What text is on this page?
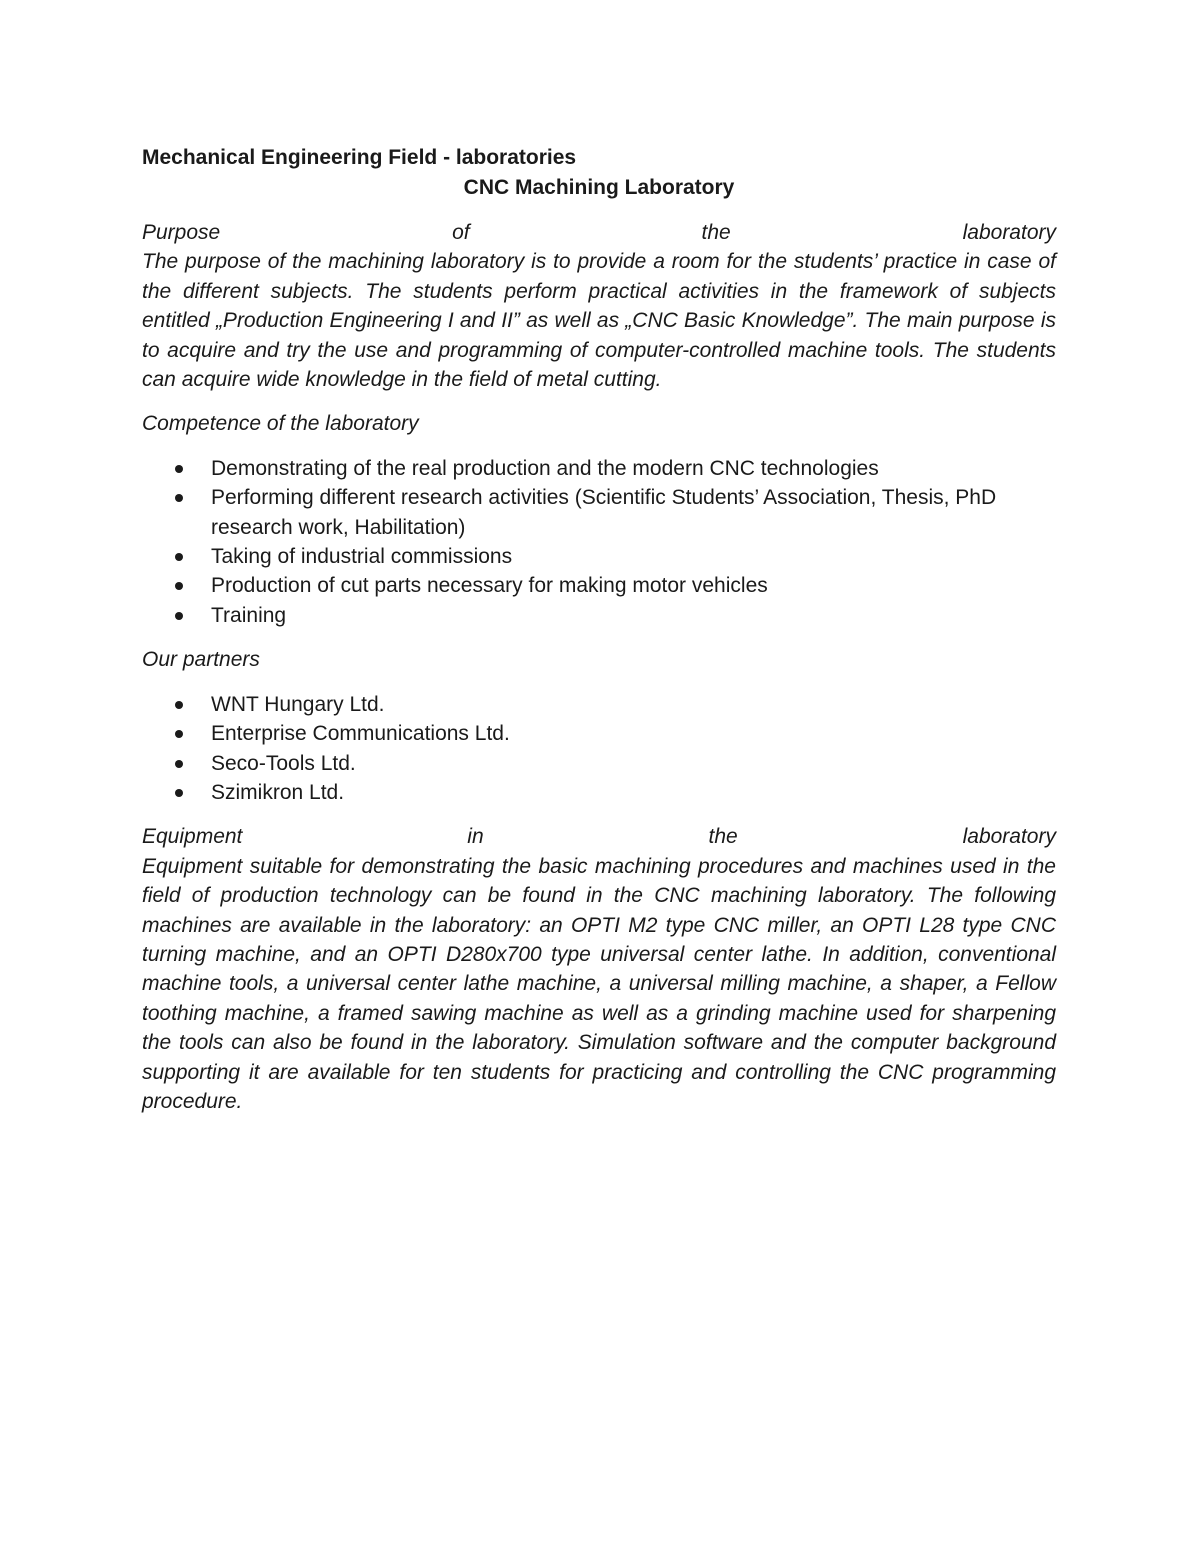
Mechanical Engineering Field - laboratories

CNC Machining Laboratory

Purpose	of	the	laboratory

The purpose of the machining laboratory is to provide a room for the students’ practice in case of the different subjects. The students perform practical activities in the framework of subjects entitled „Production Engineering I and II” as well as „CNC Basic Knowledge”. The main purpose is to acquire and try the use and programming of computer-controlled machine tools. The students can acquire wide knowledge in the field of metal cutting.

Competence of the laboratory

Demonstrating of the real production and the modern CNC technologies
Performing different research activities (Scientific Students’ Association, Thesis, PhD research work, Habilitation)
Taking of industrial commissions
Production of cut parts necessary for making motor vehicles
Training

Our partners

WNT Hungary Ltd.
Enterprise Communications Ltd.
Seco-Tools Ltd.
Szimikron Ltd.
Equipment	in	the	laboratory

Equipment suitable for demonstrating the basic machining procedures and machines used in the field of production technology can be found in the CNC machining laboratory. The following machines are available in the laboratory: an OPTI M2 type CNC miller, an OPTI L28 type CNC turning machine, and an OPTI D280x700 type universal center lathe. In addition, conventional machine tools, a universal center lathe machine, a universal milling machine, a shaper, a Fellow toothing machine, a framed sawing machine as well as a grinding machine used for sharpening the tools can also be found in the laboratory. Simulation software and the computer background supporting it are available for ten students for practicing and controlling the CNC programming procedure.
